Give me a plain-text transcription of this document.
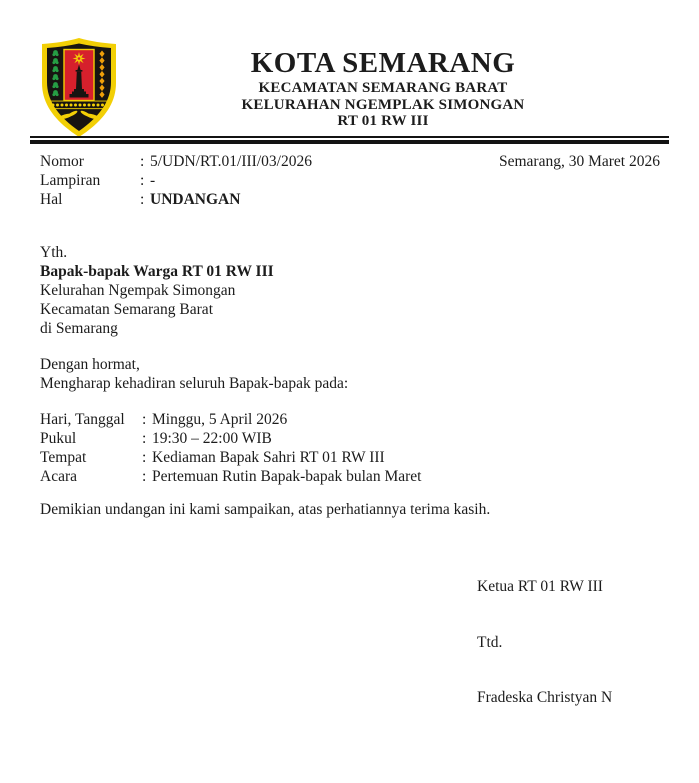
KOTA SEMARANG
KECAMATAN SEMARANG BARAT
KELURAHAN NGEMPLAK SIMONGAN
RT 01 RW III
Nomor	: 5/UDN/RT.01/III/03/2026
Lampiran	: -
Hal	: UNDANGAN
Semarang, 30 Maret 2026
Yth.
Bapak-bapak Warga RT 01 RW III
Kelurahan Ngempak Simongan
Kecamatan Semarang Barat
di Semarang
Dengan hormat,
Mengharap kehadiran seluruh Bapak-bapak pada:
Hari, Tanggal	: Minggu, 5 April 2026
Pukul	: 19:30 – 22:00 WIB
Tempat	: Kediaman Bapak Sahri RT 01 RW III
Acara	: Pertemuan Rutin Bapak-bapak bulan Maret
Demikian undangan ini kami sampaikan, atas perhatiannya terima kasih.
Ketua RT 01 RW III
Ttd.
Fradeska Christyan N
